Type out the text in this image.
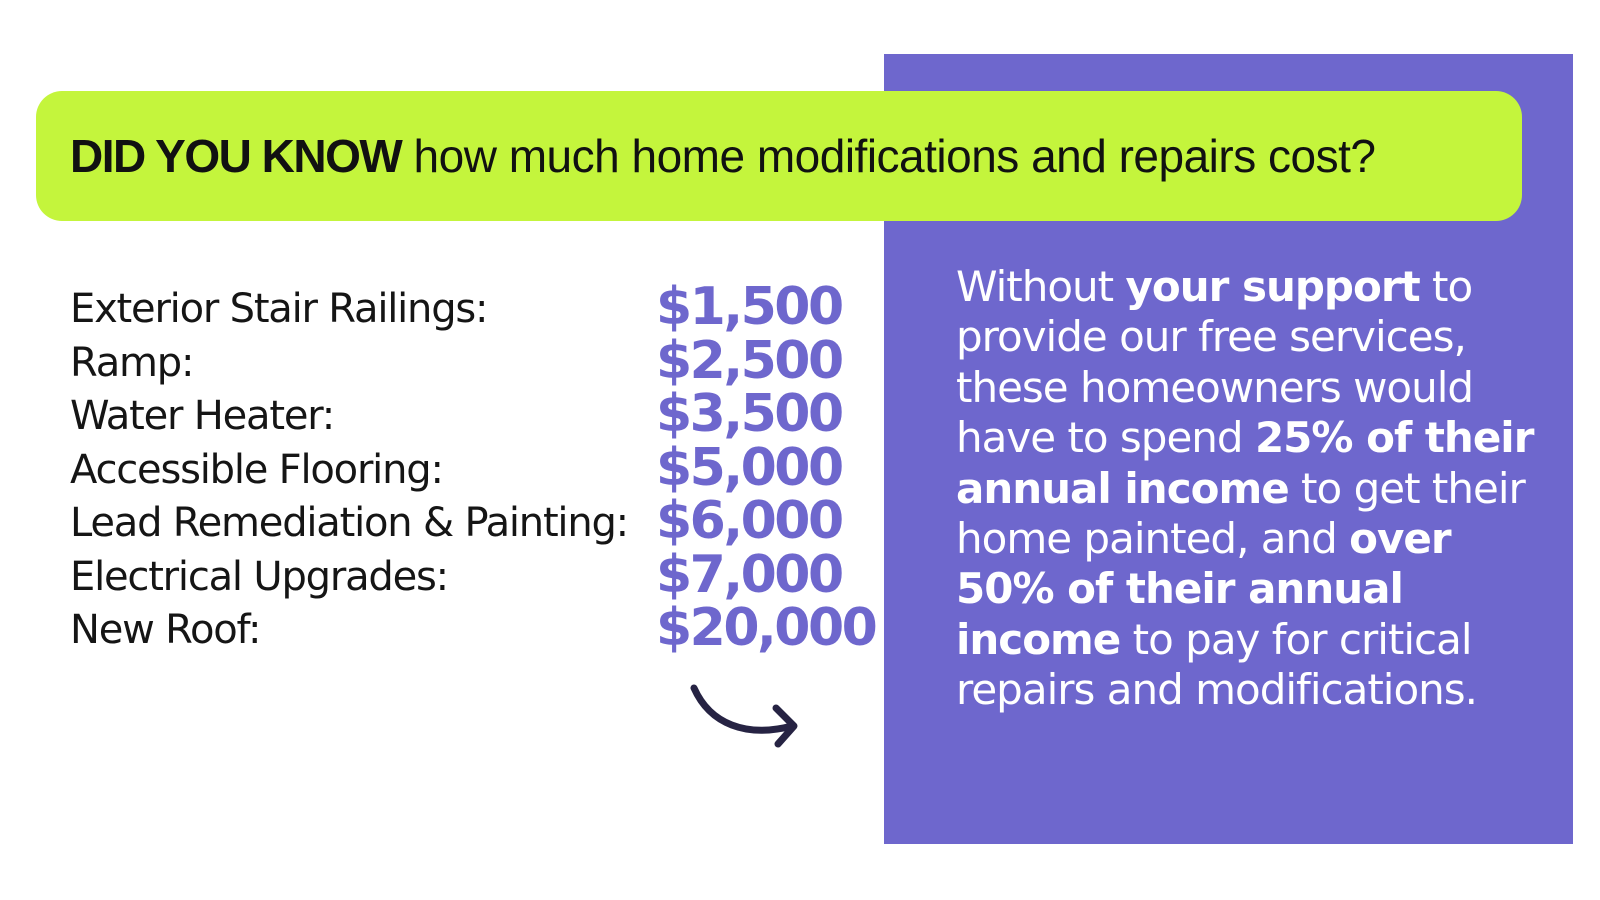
DID YOU KNOW how much home modifications and repairs cost?
Exterior Stair Railings:	$1,500
Ramp:	$2,500
Water Heater:	$3,500
Accessible Flooring:	$5,000
Lead Remediation & Painting: $6,000
Electrical Upgrades:	$7,000
New Roof:	$20,000

Without your support to provide our free services, these homeowners would have to spend 25% of their annual income to get their home painted, and over 50% of their annual income to pay for critical repairs and modifications.
